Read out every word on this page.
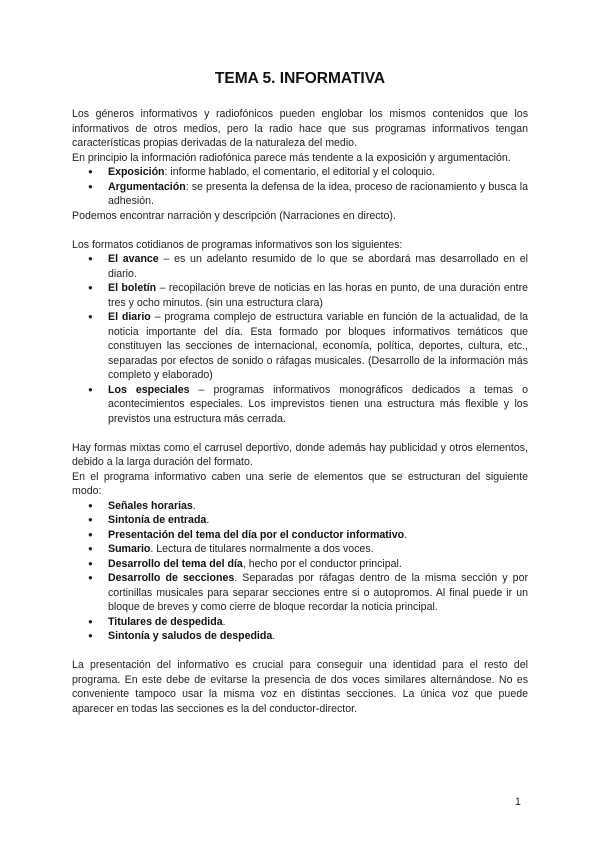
TEMA 5. INFORMATIVA

Los géneros informativos y radiofónicos pueden englobar los mismos contenidos que los informativos de otros medios, pero la radio hace que sus programas informativos tengan características propias derivadas de la naturaleza del medio.

En principio la información radiofónica parece más tendente a la exposición y argumentación.

● Exposición: informe hablado, el comentario, el editorial y el coloquio.
● Argumentación: se presenta la defensa de la idea, proceso de racionamiento y busca la adhesión.

Podemos encontrar narración y descripción (Narraciones en directo).

Los formatos cotidianos de programas informativos son los siguientes:

● El avance – es un adelanto resumido de lo que se abordará mas desarrollado en el diario.
● El boletín – recopilación breve de noticias en las horas en punto, de una duración entre tres y ocho minutos. (sin una estructura clara)
● El diario – programa complejo de estructura variable en función de la actualidad, de la noticia importante del día. Esta formado por bloques informativos temáticos que constituyen las secciones de internacional, economía, política, deportes, cultura, etc., separadas por efectos de sonido o ráfagas musicales. (Desarrollo de la información más completo y elaborado)
● Los especiales – programas informativos monográficos dedicados a temas o acontecimientos especiales. Los imprevistos tienen una estructura más flexible y los previstos una estructura más cerrada.

Hay formas mixtas como el carrusel deportivo, donde además hay publicidad y otros elementos, debido a la larga duración del formato.

En el programa informativo caben una serie de elementos que se estructuran del siguiente modo:

● Señales horarias.
● Sintonía de entrada.
● Presentación del tema del día por el conductor informativo.
● Sumario. Lectura de titulares normalmente a dos voces.
● Desarrollo del tema del día, hecho por el conductor principal.
● Desarrollo de secciones. Separadas por ráfagas dentro de la misma sección y por cortinillas musicales para separar secciones entre si o autopromos. Al final puede ir un bloque de breves y como cierre de bloque recordar la noticia principal.
● Titulares de despedida.
● Sintonía y saludos de despedida.

La presentación del informativo es crucial para conseguir una identidad para el resto del programa. En este debe de evitarse la presencia de dos voces similares alternándose. No es conveniente tampoco usar la misma voz en distintas secciones. La única voz que puede aparecer en todas las secciones es la del conductor-director.

1
